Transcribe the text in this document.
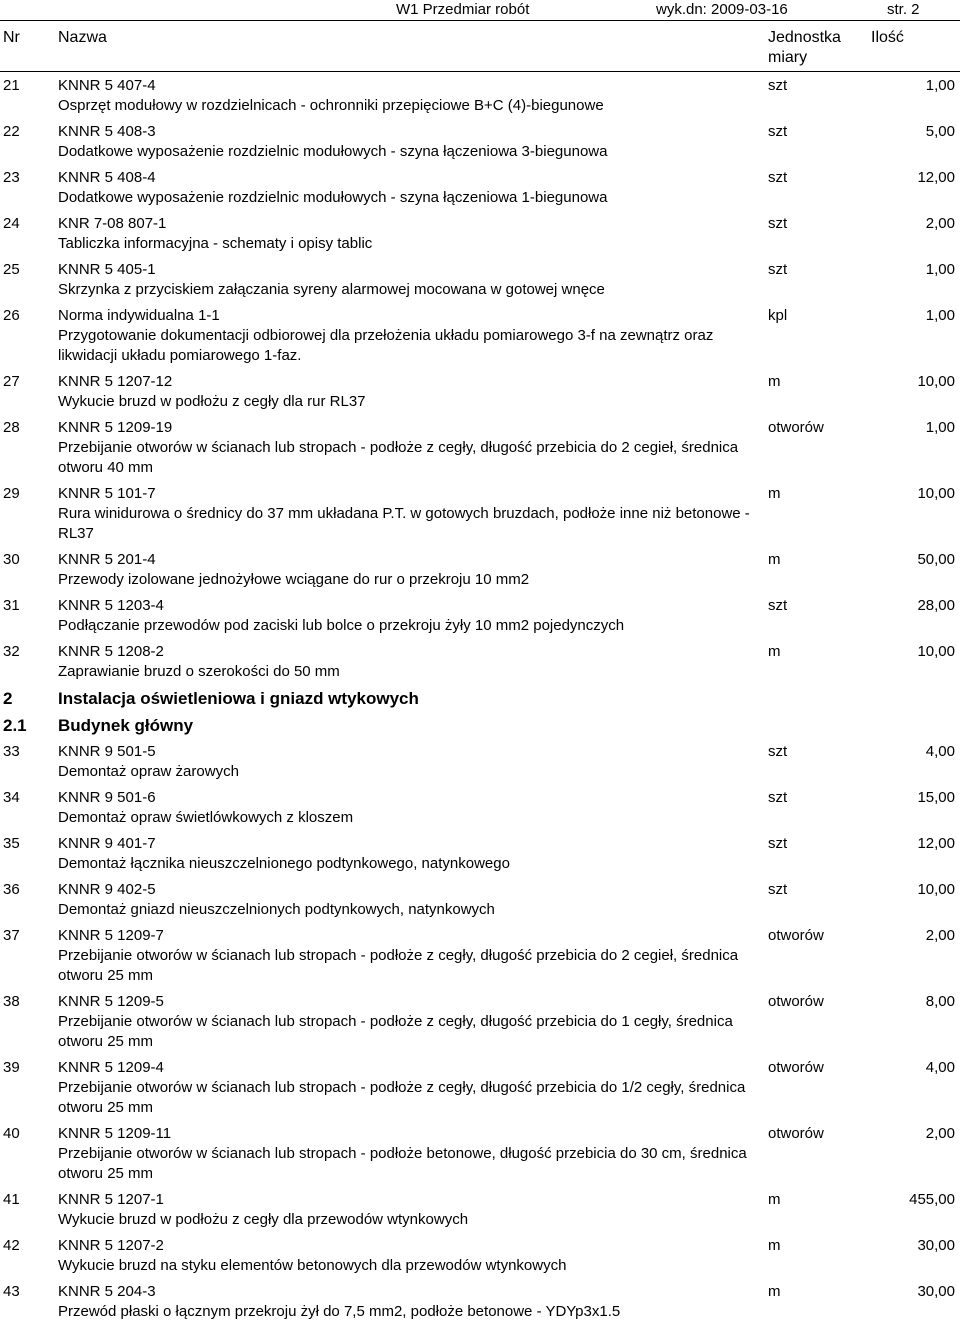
W1 Przedmiar robót	wyk.dn: 2009-03-16	str. 2
Nr Nazwa	Jednostka
miary
Ilość
21	KNNR 5 407-4
Osprzęt modułowy w rozdzielnicach - ochronniki przepięciowe B+C (4)-biegunowe
szt	1,00
22	KNNR 5 408-3
Dodatkowe wyposażenie rozdzielnic modułowych - szyna łączeniowa 3-biegunowa
szt	5,00
23	KNNR 5 408-4
Dodatkowe wyposażenie rozdzielnic modułowych - szyna łączeniowa 1-biegunowa
szt	12,00
24	KNR 7-08 807-1
Tabliczka informacyjna - schematy i opisy tablic
szt	2,00
25	KNNR 5 405-1
Skrzynka z przyciskiem załączania syreny alarmowej mocowana w gotowej wnęce
szt	1,00
26	Norma indywidualna 1-1
Przygotowanie dokumentacji odbiorowej dla przełożenia układu pomiarowego 3-f na zewnątrz oraz likwidacji układu pomiarowego 1-faz.
kpl	1,00
27	KNNR 5 1207-12
Wykucie bruzd w podłożu z cegły dla rur RL37
m	10,00
28	KNNR 5 1209-19
Przebijanie otworów w ścianach lub stropach - podłoże z cegły, długość przebicia do 2 cegieł, średnica otworu 40 mm
otworów	1,00
29	KNNR 5 101-7
Rura winidurowa o średnicy do 37 mm układana P.T. w gotowych bruzdach, podłoże inne niż betonowe - RL37
m	10,00
30	KNNR 5 201-4
Przewody izolowane jednożyłowe wciągane do rur o przekroju 10 mm2
m	50,00
31	KNNR 5 1203-4
Podłączanie przewodów pod zaciski lub bolce o przekroju żyły 10 mm2 pojedynczych
szt	28,00
32	KNNR 5 1208-2
Zaprawianie bruzd o szerokości do 50 mm
m	10,00
2	Instalacja oświetleniowa i gniazd wtykowych
2.1 Budynek główny
33	KNNR 9 501-5
Demontaż opraw żarowych
szt	4,00
34	KNNR 9 501-6
Demontaż opraw świetlówkowych z kloszem
szt	15,00
35	KNNR 9 401-7
Demontaż łącznika nieuszczelnionego podtynkowego, natynkowego
szt	12,00
36	KNNR 9 402-5
Demontaż gniazd nieuszczelnionych podtynkowych, natynkowych
szt	10,00
37	KNNR 5 1209-7
Przebijanie otworów w ścianach lub stropach - podłoże z cegły, długość przebicia do 2 cegieł, średnica otworu 25 mm
otworów	2,00
38	KNNR 5 1209-5
Przebijanie otworów w ścianach lub stropach - podłoże z cegły, długość przebicia do 1 cegły, średnica otworu 25 mm
otworów	8,00
39	KNNR 5 1209-4
Przebijanie otworów w ścianach lub stropach - podłoże z cegły, długość przebicia do 1/2 cegły, średnica otworu 25 mm
otworów	4,00
40	KNNR 5 1209-11
Przebijanie otworów w ścianach lub stropach - podłoże betonowe, długość przebicia do 30 cm, średnica otworu 25 mm
otworów	2,00
41	KNNR 5 1207-1
Wykucie bruzd w podłożu z cegły dla przewodów wtynkowych
m	455,00
42	KNNR 5 1207-2
Wykucie bruzd na styku elementów betonowych dla przewodów wtynkowych
m	30,00
43	KNNR 5 204-3
Przewód płaski o łącznym przekroju żył do 7,5 mm2, podłoże betonowe - YDYp3x1.5
m	30,00
